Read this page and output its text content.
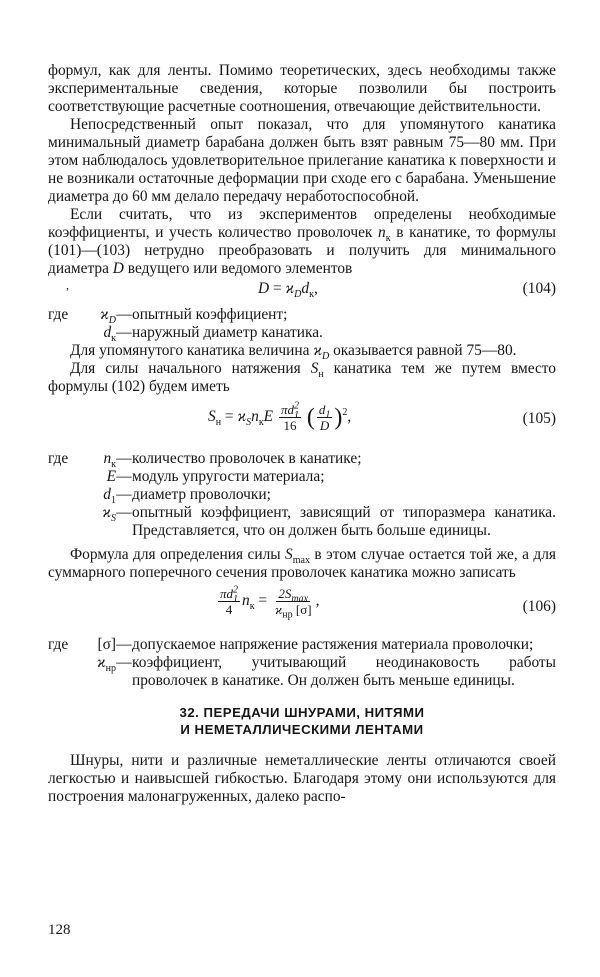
формул, как для ленты. Помимо теоретических, здесь необходимы также экспериментальные сведения, которые позволили бы построить соответствующие расчетные соотношения, отвечающие действительности.

Непосредственный опыт показал, что для упомянутого канатика минимальный диаметр барабана должен быть взят равным 75—80 мм. При этом наблюдалось удовлетворительное прилегание канатика к поверхности и не возникали остаточные деформации при сходе его с барабана. Уменьшение диаметра до 60 мм делало передачу неработоспособной.

Если считать, что из экспериментов определены необходимые коэффициенты, и учесть количество проволочек $n_к$ в канатике, то формулы (101)—(103) нетрудно преобразовать и получить для минимального диаметра D ведущего или ведомого элементов

,	$D = ϰ_Dd_к$,	(104)
где	$ϰ_D$ — опытный коэффициент;
$d_к$ — наружный диаметр канатика.

Для упомянутого канатика величина $ϰ_D$ оказывается равной 75—80.

Для силы начального натяжения $S_н$ канатика тем же путем вместо формулы (102) будем иметь

$S_н = ϰ_Sn_кE \frac{\pi d^2_1}{16}$ ( $\frac{d_1}{D} )^2$,	(105)
где	$n_к$ — количество проволочек в канатике;
E — модуль упругости материала;
$d_1$ — диаметр проволочки;
$ϰ_S$ — опытный коэффициент, зависящий от типоразмера канатика. Представляется, что он должен быть больше единицы.

Формула для определения силы $S_{max}$ в этом случае остается той же, а для суммарного поперечного сечения проволочек канатика можно записать

$\frac{\pi d^2_1}{4} n_к = \frac{2S_{max}}{ϰ_{нр} [\sigma]}$ ,	(106)
где	[σ] — допускаемое напряжение растяжения материала проволочки;
$ϰ_{нр}$ — коэффициент, учитывающий неодинаковость работы проволочек в канатике. Он должен быть меньше единицы.
32. ПЕРЕДАЧИ ШНУРАМИ, НИТЯМИ
И НЕМЕТАЛЛИЧЕСКИМИ ЛЕНТАМИ

Шнуры, нити и различные неметаллические ленты отличаются своей легкостью и наивысшей гибкостью. Благодаря этому они используются для построения малонагруженных, далеко распо-

128
